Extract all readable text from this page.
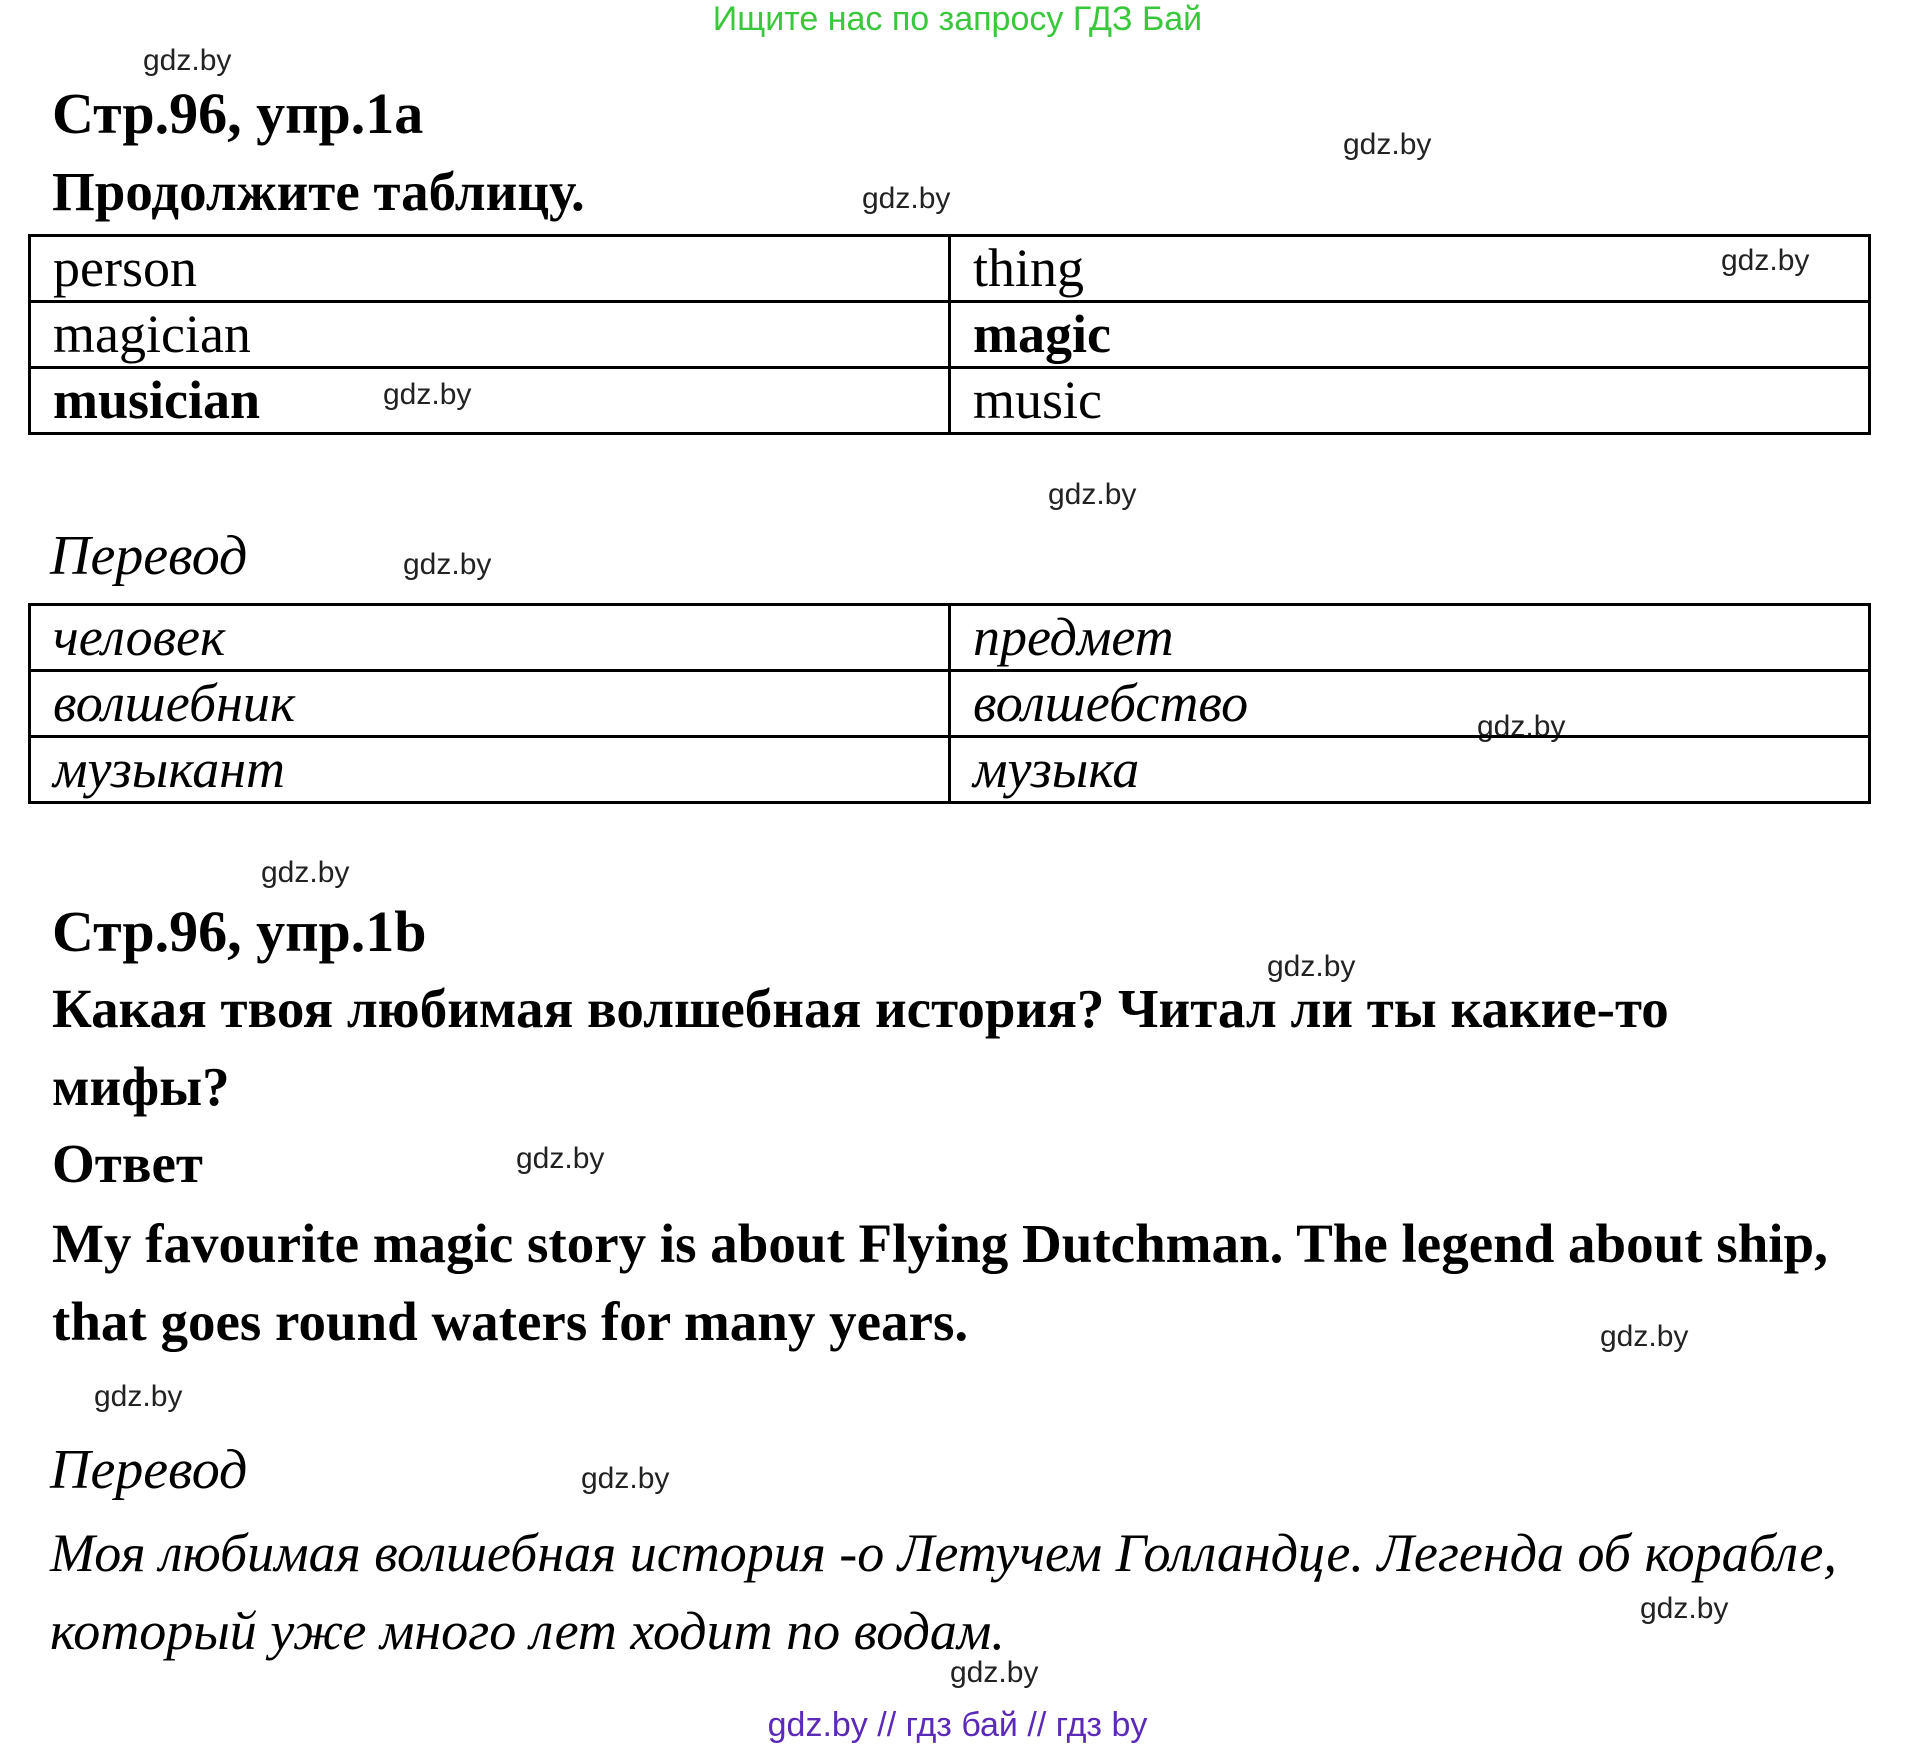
Ищите нас по запросу ГДЗ Бай
gdz.by
gdz.by
gdz.by
gdz.by
gdz.by
gdz.by
gdz.by
gdz.by
gdz.by
gdz.by
gdz.by
gdz.by
gdz.by
gdz.by
gdz.by
gdz.by
Стр.96, упр.1а
Продолжите таблицу.
person	thing
magician	magic
musician	music
Перевод
человек	предмет
волшебник	волшебство
музыкант	музыка
Стр.96, упр.1b
Какая твоя любимая волшебная история? Читал ли ты какие-то мифы?
Ответ
My favourite magic story is about Flying Dutchman. The legend about ship, that goes round waters for many years.
Перевод
Моя любимая волшебная история -о Летучем Голландце. Легенда об корабле, который уже много лет ходит по водам.
gdz.by // гдз бай // гдз by
